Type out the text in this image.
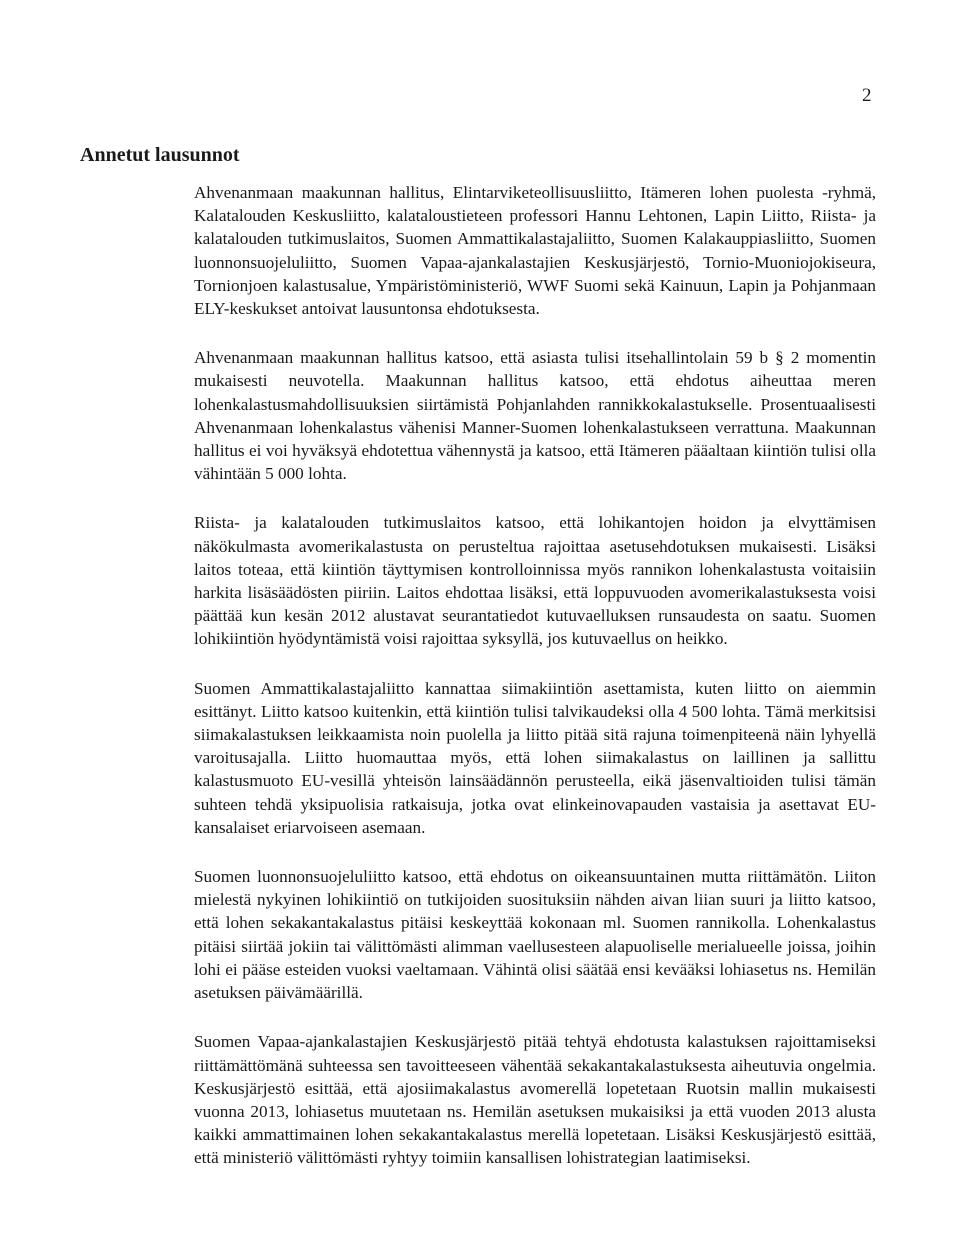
2
Annetut lausunnot

Ahvenanmaan maakunnan hallitus, Elintarviketeollisuusliitto, Itämeren lohen puolesta -ryhmä, Kalatalouden Keskusliitto, kalataloustieteen professori Hannu Lehtonen, Lapin Liitto, Riista- ja kalatalouden tutkimuslaitos, Suomen Ammattikalastajaliitto, Suomen Kalakauppiasliitto, Suomen luonnonsuojeluliitto, Suomen Vapaa-ajankalastajien Keskusjärjestö, Tornio-Muoniojokiseura, Tornionjoen kalastusalue, Ympäristöministeriö, WWF Suomi sekä Kainuun, Lapin ja Pohjanmaan ELY-keskukset antoivat lausuntonsa ehdotuksesta.

Ahvenanmaan maakunnan hallitus katsoo, että asiasta tulisi itsehallintolain 59 b § 2 momentin mukaisesti neuvotella. Maakunnan hallitus katsoo, että ehdotus aiheuttaa meren lohenkalastusmahdollisuuksien siirtämistä Pohjanlahden rannikkokalastukselle. Prosentuaalisesti Ahvenanmaan lohenkalastus vähenisi Manner-Suomen lohenkalastukseen verrattuna. Maakunnan hallitus ei voi hyväksyä ehdotettua vähennystä ja katsoo, että Itämeren pääaltaan kiintiön tulisi olla vähintään 5 000 lohta.

Riista- ja kalatalouden tutkimuslaitos katsoo, että lohikantojen hoidon ja elvyttämisen näkökulmasta avomerikalastusta on perusteltua rajoittaa asetusehdotuksen mukaisesti. Lisäksi laitos toteaa, että kiintiön täyttymisen kontrolloinnissa myös rannikon lohenkalastusta voitaisiin harkita lisäsäädösten piiriin. Laitos ehdottaa lisäksi, että loppuvuoden avomerikalastuksesta voisi päättää kun kesän 2012 alustavat seurantatiedot kutuvaelluksen runsaudesta on saatu. Suomen lohikiintiön hyödyntämistä voisi rajoittaa syksyllä, jos kutuvaellus on heikko.

Suomen Ammattikalastajaliitto kannattaa siimakiintiön asettamista, kuten liitto on aiemmin esittänyt. Liitto katsoo kuitenkin, että kiintiön tulisi talvikaudeksi olla 4 500 lohta. Tämä merkitsisi siimakalastuksen leikkaamista noin puolella ja liitto pitää sitä rajuna toimenpiteenä näin lyhyellä varoitusajalla. Liitto huomauttaa myös, että lohen siimakalastus on laillinen ja sallittu kalastusmuoto EU-vesillä yhteisön lainsäädännön perusteella, eikä jäsenvaltioiden tulisi tämän suhteen tehdä yksipuolisia ratkaisuja, jotka ovat elinkeinovapauden vastaisia ja asettavat EU-kansalaiset eriarvoiseen asemaan.

Suomen luonnonsuojeluliitto katsoo, että ehdotus on oikeansuuntainen mutta riittämätön. Liiton mielestä nykyinen lohikiintiö on tutkijoiden suosituksiin nähden aivan liian suuri ja liitto katsoo, että lohen sekakantakalastus pitäisi keskeyttää kokonaan ml. Suomen rannikolla. Lohenkalastus pitäisi siirtää jokiin tai välittömästi alimman vaellusesteen alapuoliselle merialueelle joissa, joihin lohi ei pääse esteiden vuoksi vaeltamaan. Vähintä olisi säätää ensi kevääksi lohiasetus ns. Hemilän asetuksen päivämäärillä.

Suomen Vapaa-ajankalastajien Keskusjärjestö pitää tehtyä ehdotusta kalastuksen rajoittamiseksi riittämättömänä suhteessa sen tavoitteeseen vähentää sekakantakalastuksesta aiheutuvia ongelmia. Keskusjärjestö esittää, että ajosiimakalastus avomerellä lopetetaan Ruotsin mallin mukaisesti vuonna 2013, lohiasetus muutetaan ns. Hemilän asetuksen mukaisiksi ja että vuoden 2013 alusta kaikki ammattimainen lohen sekakantakalastus merellä lopetetaan. Lisäksi Keskusjärjestö esittää, että ministeriö välittömästi ryhtyy toimiin kansallisen lohistrategian laatimiseksi.
